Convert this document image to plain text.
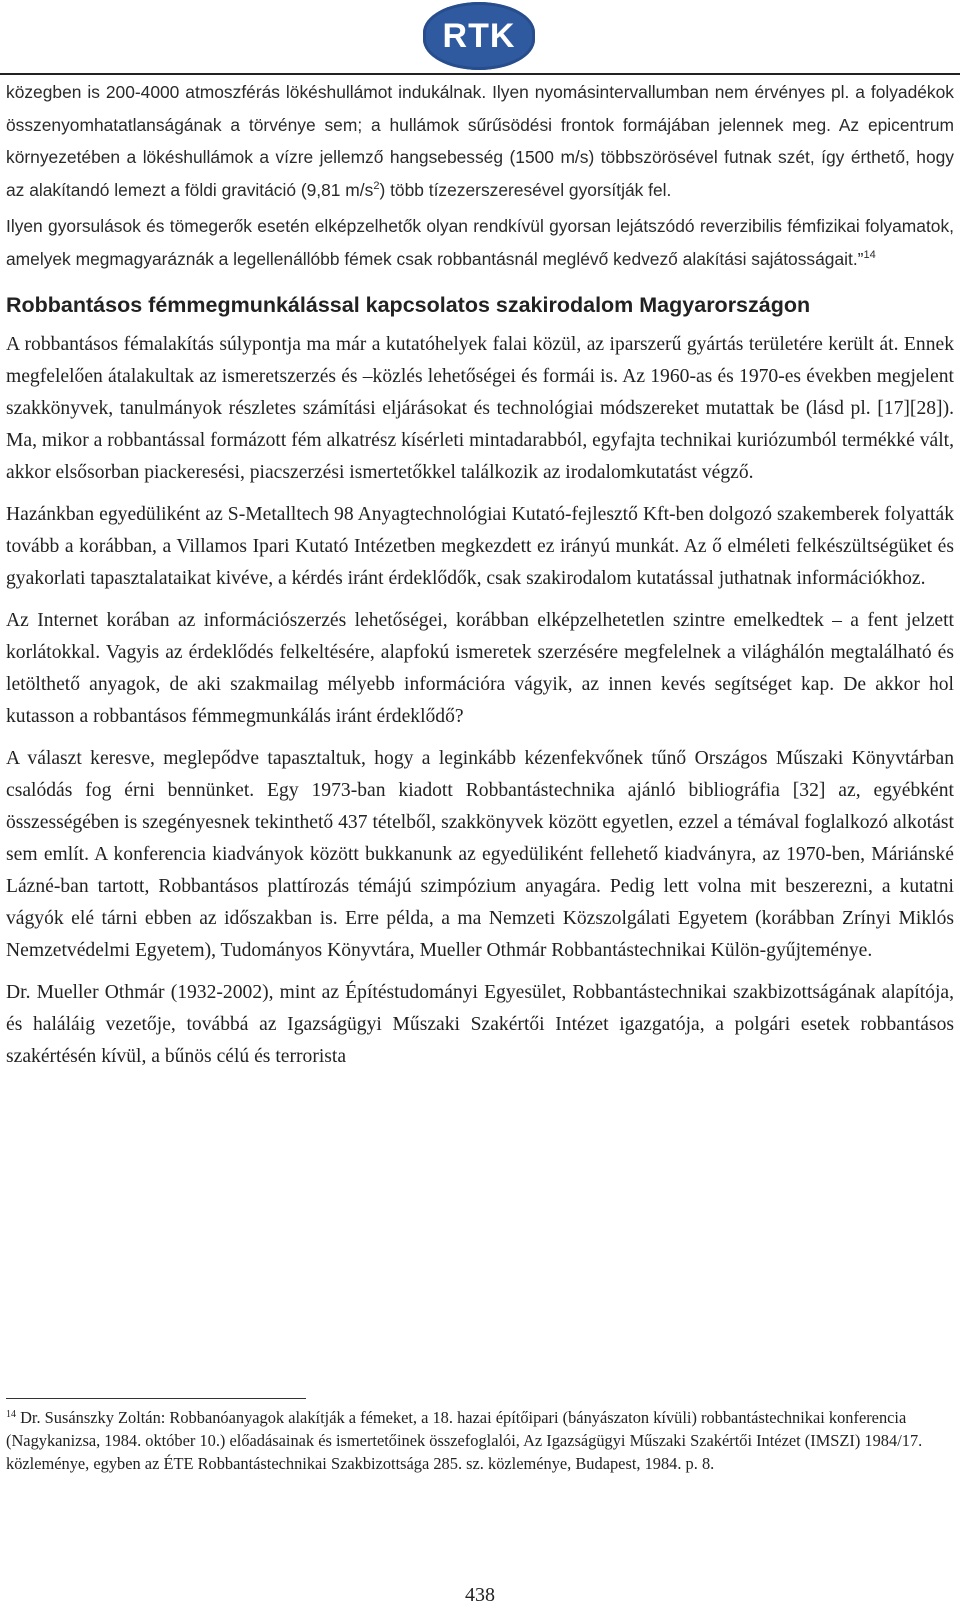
RTK

közegben is 200-4000 atmoszférás lökéshullámot indukálnak. Ilyen nyomásintervallumban nem érvényes pl. a folyadékok összenyomhatatlanságának a törvénye sem; a hullámok sűrűsödési frontok formájában jelennek meg. Az epicentrum környezetében a lökéshullámok a vízre jellemző hangsebesség (1500 m/s) többszörösével futnak szét, így érthető, hogy az alakítandó lemezt a földi gravitáció (9,81 $m/s^2$) több tízezerszeresével gyorsítják fel.

Ilyen gyorsulások és tömegerők esetén elképzelhetők olyan rendkívül gyorsan lejátszódó reverzibilis fémfizikai folyamatok, amelyek megmagyaráznák a legellenállóbb fémek csak robbantásnál meglévő kedvező alakítási sajátosságait.”$^{14}$

Robbantásos fémmegmunkálással kapcsolatos szakirodalom Magyarországon

A robbantásos fémalakítás súlypontja ma már a kutatóhelyek falai közül, az iparszerű gyártás területére került át. Ennek megfelelően átalakultak az ismeretszerzés és –közlés lehetőségei és formái is. Az 1960-as és 1970-es években megjelent szakkönyvek, tanulmányok részletes számítási eljárásokat és technológiai módszereket mutattak be (lásd pl. [17][28]). Ma, mikor a robbantással formázott fém alkatrész kísérleti mintadarabból, egyfajta technikai kuriózumból termékké vált, akkor elsősorban piackeresési, piacszerzési ismertetőkkel találkozik az irodalomkutatást végző.

Hazánkban egyedüliként az S-Metalltech 98 Anyagtechnológiai Kutató-fejlesztő Kft-ben dolgozó szakemberek folyatták tovább a korábban, a Villamos Ipari Kutató Intézetben megkezdett ez irányú munkát. Az ő elméleti felkészültségüket és gyakorlati tapasztalataikat kivéve, a kérdés iránt érdeklődők, csak szakirodalom kutatással juthatnak információkhoz.

Az Internet korában az információszerzés lehetőségei, korábban elképzelhetetlen szintre emelkedtek – a fent jelzett korlátokkal. Vagyis az érdeklődés felkeltésére, alapfokú ismeretek szerzésére megfelelnek a világhálón megtalálható és letölthető anyagok, de aki szakmailag mélyebb információra vágyik, az innen kevés segítséget kap. De akkor hol kutasson a robbantásos fémmegmunkálás iránt érdeklődő?

A választ keresve, meglepődve tapasztaltuk, hogy a leginkább kézenfekvőnek tűnő Országos Műszaki Könyvtárban csalódás fog érni bennünket. Egy 1973-ban kiadott Robbantástechnika ajánló bibliográfia [32] az, egyébként összességében is szegényesnek tekinthető 437 tételből, szakkönyvek között egyetlen, ezzel a témával foglalkozó alkotást sem említ. A konferencia kiadványok között bukkanunk az egyedüliként fellehető kiadványra, az 1970-ben, Máriánské Lázné-ban tartott, Robbantásos plattírozás témájú szimpózium anyagára. Pedig lett volna mit beszerezni, a kutatni vágyók elé tárni ebben az időszakban is. Erre példa, a ma Nemzeti Közszolgálati Egyetem (korábban Zrínyi Miklós Nemzetvédelmi Egyetem), Tudományos Könyvtára, Mueller Othmár Robbantástechnikai Külön-gyűjteménye.

Dr. Mueller Othmár (1932-2002), mint az Építéstudományi Egyesület, Robbantástechnikai szakbizottságának alapítója, és haláláig vezetője, továbbá az Igazságügyi Műszaki Szakértői Intézet igazgatója, a polgári esetek robbantásos szakértésén kívül, a bűnös célú és terrorista

$^{14}$ Dr. Susánszky Zoltán: Robbanóanyagok alakítják a fémeket, a 18. hazai építőipari (bányászaton kívüli) robbantástechnikai konferencia (Nagykanizsa, 1984. október 10.) előadásainak és ismertetőinek összefoglalói, Az Igazságügyi Műszaki Szakértői Intézet (IMSZI) 1984/17. közleménye, egyben az ÉTE Robbantástechnikai Szakbizottsága 285. sz. közleménye, Budapest, 1984. p. 8.
438
